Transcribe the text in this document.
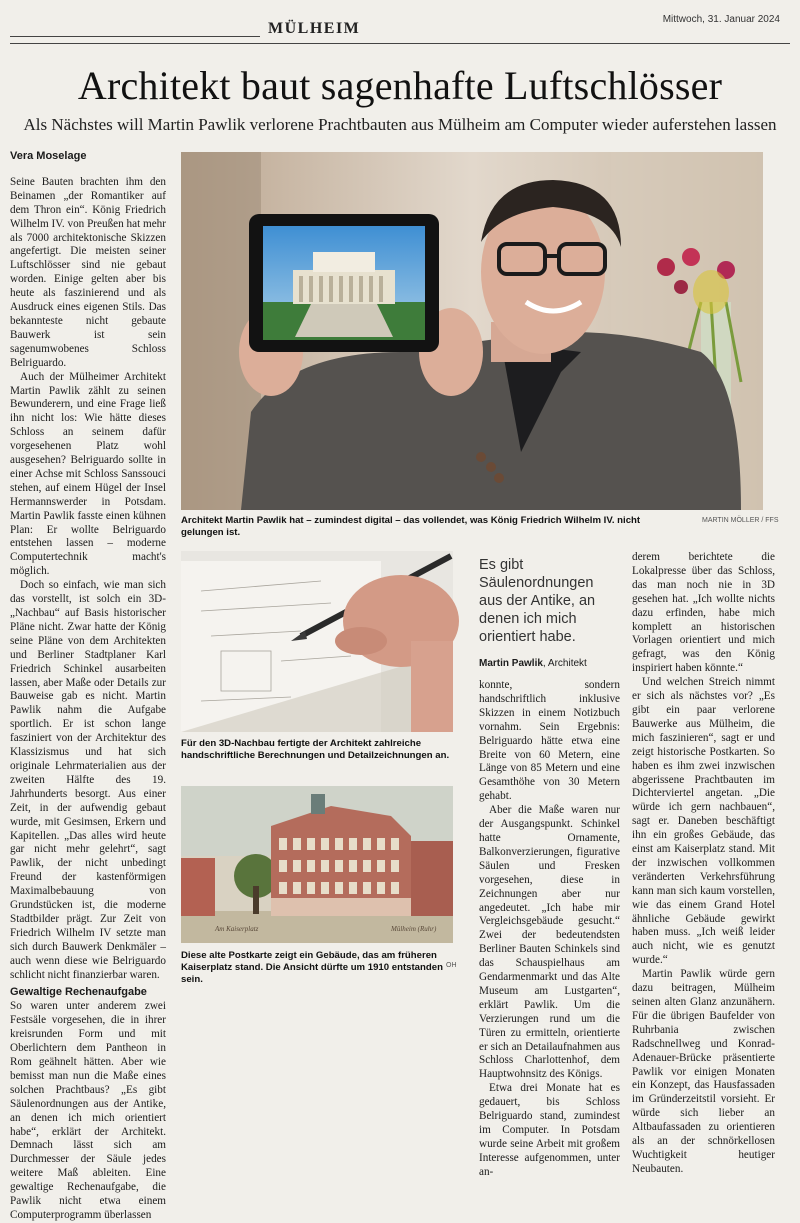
MÜLHEIM
Mittwoch, 31. Januar 2024
Architekt baut sagenhafte Luftschlösser
Als Nächstes will Martin Pawlik verlorene Prachtbauten aus Mülheim am Computer wieder auferstehen lassen
Vera Moselage

Seine Bauten brachten ihm den Beinamen „der Romantiker auf dem Thron ein“. König Friedrich Wilhelm IV. von Preußen hat mehr als 7000 architektonische Skizzen angefertigt. Die meisten seiner Luftschlösser sind nie gebaut worden. Einige gelten aber bis heute als faszinierend und als Ausdruck eines eigenen Stils. Das bekannteste nicht gebaute Bauwerk ist sein sagenumwobenes Schloss Belriguardo.

Auch der Mülheimer Architekt Martin Pawlik zählt zu seinen Bewunderern, und eine Frage ließ ihn nicht los: Wie hätte dieses Schloss an seinem dafür vorgesehenen Platz wohl ausgesehen? Belriguardo sollte in einer Achse mit Schloss Sanssouci stehen, auf einem Hügel der Insel Hermannswerder in Potsdam. Martin Pawlik fasste einen kühnen Plan: Er wollte Belriguardo entstehen lassen – moderne Computertechnik macht's möglich.

Doch so einfach, wie man sich das vorstellt, ist solch ein 3D-„Nachbau“ auf Basis historischer Pläne nicht. Zwar hatte der König seine Pläne von dem Architekten und Berliner Stadtplaner Karl Friedrich Schinkel ausarbeiten lassen, aber Maße oder Details zur Bauweise gab es nicht. Martin Pawlik nahm die Aufgabe sportlich. Er ist schon lange fasziniert von der Architektur des Klassizismus und hat sich originale Lehrmaterialien aus der zweiten Hälfte des 19. Jahrhunderts besorgt. Aus einer Zeit, in der aufwendig gebaut wurde, mit Gesimsen, Erkern und Kapitellen. „Das alles wird heute gar nicht mehr gelehrt“, sagt Pawlik, der nicht unbedingt Freund der kastenförmigen Maximalbebauung von Grundstücken ist, die moderne Stadtbilder prägt. Zur Zeit von Friedrich Wilhelm IV setzte man sich durch Bauwerk Denkmäler – auch wenn diese wie Belriguardo schlicht nicht finanzierbar waren.

Gewaltige Rechenaufgabe

So waren unter anderem zwei Festsäle vorgesehen, die in ihrer kreisrunden Form und mit Oberlichtern dem Pantheon in Rom geähnelt hätten. Aber wie bemisst man nun die Maße eines solchen Prachtbaus? „Es gibt Säulenordnungen aus der Antike, an denen ich mich orientiert habe“, erklärt der Architekt. Demnach lässt sich am Durchmesser der Säule jedes weitere Maß ableiten. Eine gewaltige Rechenaufgabe, die Pawlik nicht etwa einem Computerprogramm überlassen

Architekt Martin Pawlik hat – zumindest digital – das vollendet, was König Friedrich Wilhelm IV. nicht gelungen ist.
MARTIN MÖLLER / FFS
Für den 3D-Nachbau fertigte der Architekt zahlreiche handschriftliche Berechnungen und Detailzeichnungen an.
Am Kaiserplatz	Mülheim (Ruhr)
Diese alte Postkarte zeigt ein Gebäude, das am früheren Kaiserplatz stand. Die Ansicht dürfte um 1910 entstanden sein.
OH
Es gibt Säulenordnungen aus der Antike, an denen ich mich orientiert habe.
Martin Pawlik, Architekt

konnte, sondern handschriftlich inklusive Skizzen in einem Notizbuch vornahm. Sein Ergebnis: Belriguardo hätte etwa eine Breite von 60 Metern, eine Länge von 85 Metern und eine Gesamthöhe von 30 Metern gehabt.

Aber die Maße waren nur der Ausgangspunkt. Schinkel hatte Ornamente, Balkonverzierungen, figurative Säulen und Fresken vorgesehen, diese in Zeichnungen aber nur angedeutet. „Ich habe mir Vergleichsgebäude gesucht.“ Zwei der bedeutendsten Berliner Bauten Schinkels sind das Schauspielhaus am Gendarmenmarkt und das Alte Museum am Lustgarten“, erklärt Pawlik. Um die Verzierungen rund um die Türen zu ermitteln, orientierte er sich an Detailaufnahmen aus Schloss Charlottenhof, dem Hauptwohnsitz des Königs.

Etwa drei Monate hat es gedauert, bis Schloss Belriguardo stand, zumindest im Computer. In Potsdam wurde seine Arbeit mit großem Interesse aufgenommen, unter an-

derem berichtete die Lokalpresse über das Schloss, das man noch nie in 3D gesehen hat. „Ich wollte nichts dazu erfinden, habe mich komplett an historischen Vorlagen orientiert und mich gefragt, was den König inspiriert haben könnte.“

Und welchen Streich nimmt er sich als nächstes vor? „Es gibt ein paar verlorene Bauwerke aus Mülheim, die mich faszinieren“, sagt er und zeigt historische Postkarten. So haben es ihm zwei inzwischen abgerissene Prachtbauten im Dichterviertel angetan. „Die würde ich gern nachbauen“, sagt er. Daneben beschäftigt ihn ein großes Gebäude, das einst am Kaiserplatz stand. Mit der inzwischen vollkommen veränderten Verkehrsführung kann man sich kaum vorstellen, wie das einem Grand Hotel ähnliche Gebäude gewirkt haben muss. „Ich weiß leider auch nicht, wie es genutzt wurde.“

Martin Pawlik würde gern dazu beitragen, Mülheim seinen alten Glanz anzunähern. Für die übrigen Baufelder von Ruhrbania zwischen Radschnellweg und Konrad-Adenauer-Brücke präsentierte Pawlik vor einigen Monaten ein Konzept, das Hausfassaden im Gründerzeitstil vorsieht. Er würde sich lieber an Altbaufassaden zu orientieren als an der schnörkellosen Wuchtigkeit heutiger Neubauten.
